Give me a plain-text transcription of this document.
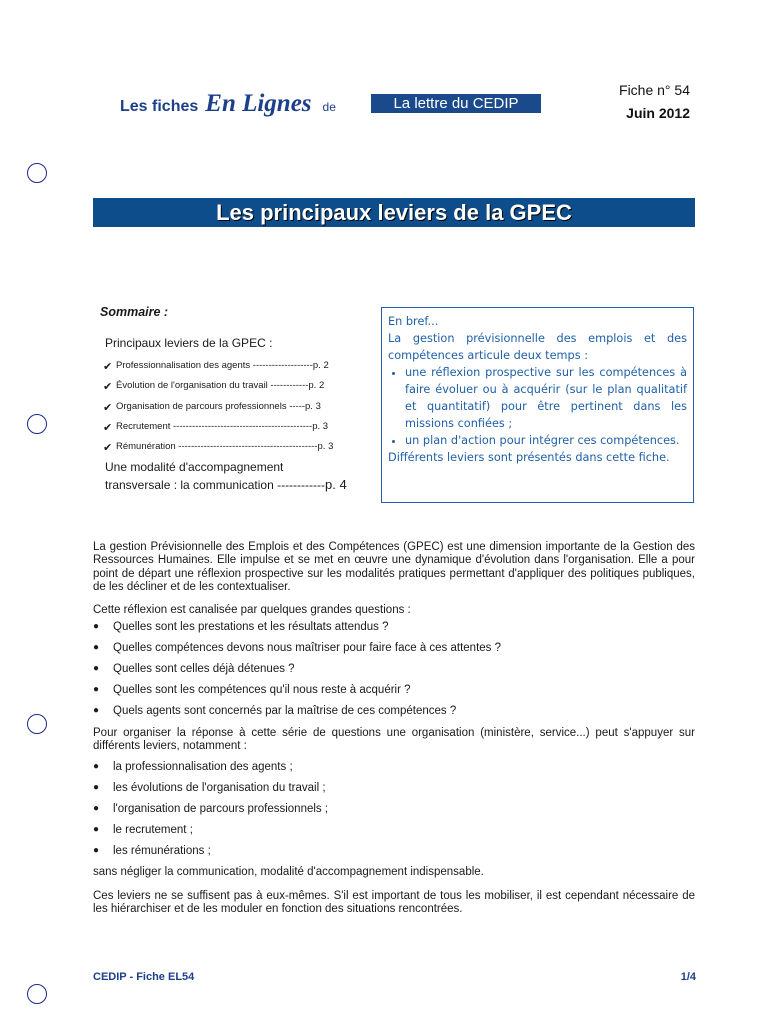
Les fiches En Lignes de	La lettre du CEDIP
Fiche n° 54
Juin 2012
Les principaux leviers de la GPEC
Sommaire :
Principaux leviers de la GPEC :
✔ Professionnalisation des agents -------------------p. 2
✔ Évolution de l'organisation du travail ------------p. 2
✔ Organisation de parcours professionnels -----p. 3
✔ Recrutement --------------------------------------------p. 3
✔ Rémunération --------------------------------------------p. 3
Une modalité d'accompagnement
transversale : la communication ------------p. 4

En bref...

La gestion prévisionnelle des emplois et des compétences articule deux temps :

• une réflexion prospective sur les compétences à faire évoluer ou à acquérir (sur le plan qualitatif et quantitatif) pour être pertinent dans les missions confiées ;
• un plan d'action pour intégrer ces compétences.

Différents leviers sont présentés dans cette fiche.

La gestion Prévisionnelle des Emplois et des Compétences (GPEC) est une dimension importante de la Gestion des Ressources Humaines. Elle impulse et se met en œuvre une dynamique d'évolution dans l'organisation. Elle a pour point de départ une réflexion prospective sur les modalités pratiques permettant d'appliquer des politiques publiques, de les décliner et de les contextualiser.

Cette réflexion est canalisée par quelques grandes questions :

●	Quelles sont les prestations et les résultats attendus ?
●	Quelles compétences devons nous maîtriser pour faire face à ces attentes ?
●	Quelles sont celles déjà détenues ?
●	Quelles sont les compétences qu'il nous reste à acquérir ?
●	Quels agents sont concernés par la maîtrise de ces compétences ?

Pour organiser la réponse à cette série de questions une organisation (ministère, service...) peut s'appuyer sur différents leviers, notamment :

●	la professionnalisation des agents ;
●	les évolutions de l'organisation du travail ;
●	l'organisation de parcours professionnels ;
●	le recrutement ;
●	les rémunérations ;

sans négliger la communication, modalité d'accompagnement indispensable.

Ces leviers ne se suffisent pas à eux-mêmes. S'il est important de tous les mobiliser, il est cependant nécessaire de les hiérarchiser et de les moduler en fonction des situations rencontrées.

CEDIP - Fiche EL54	1/4
